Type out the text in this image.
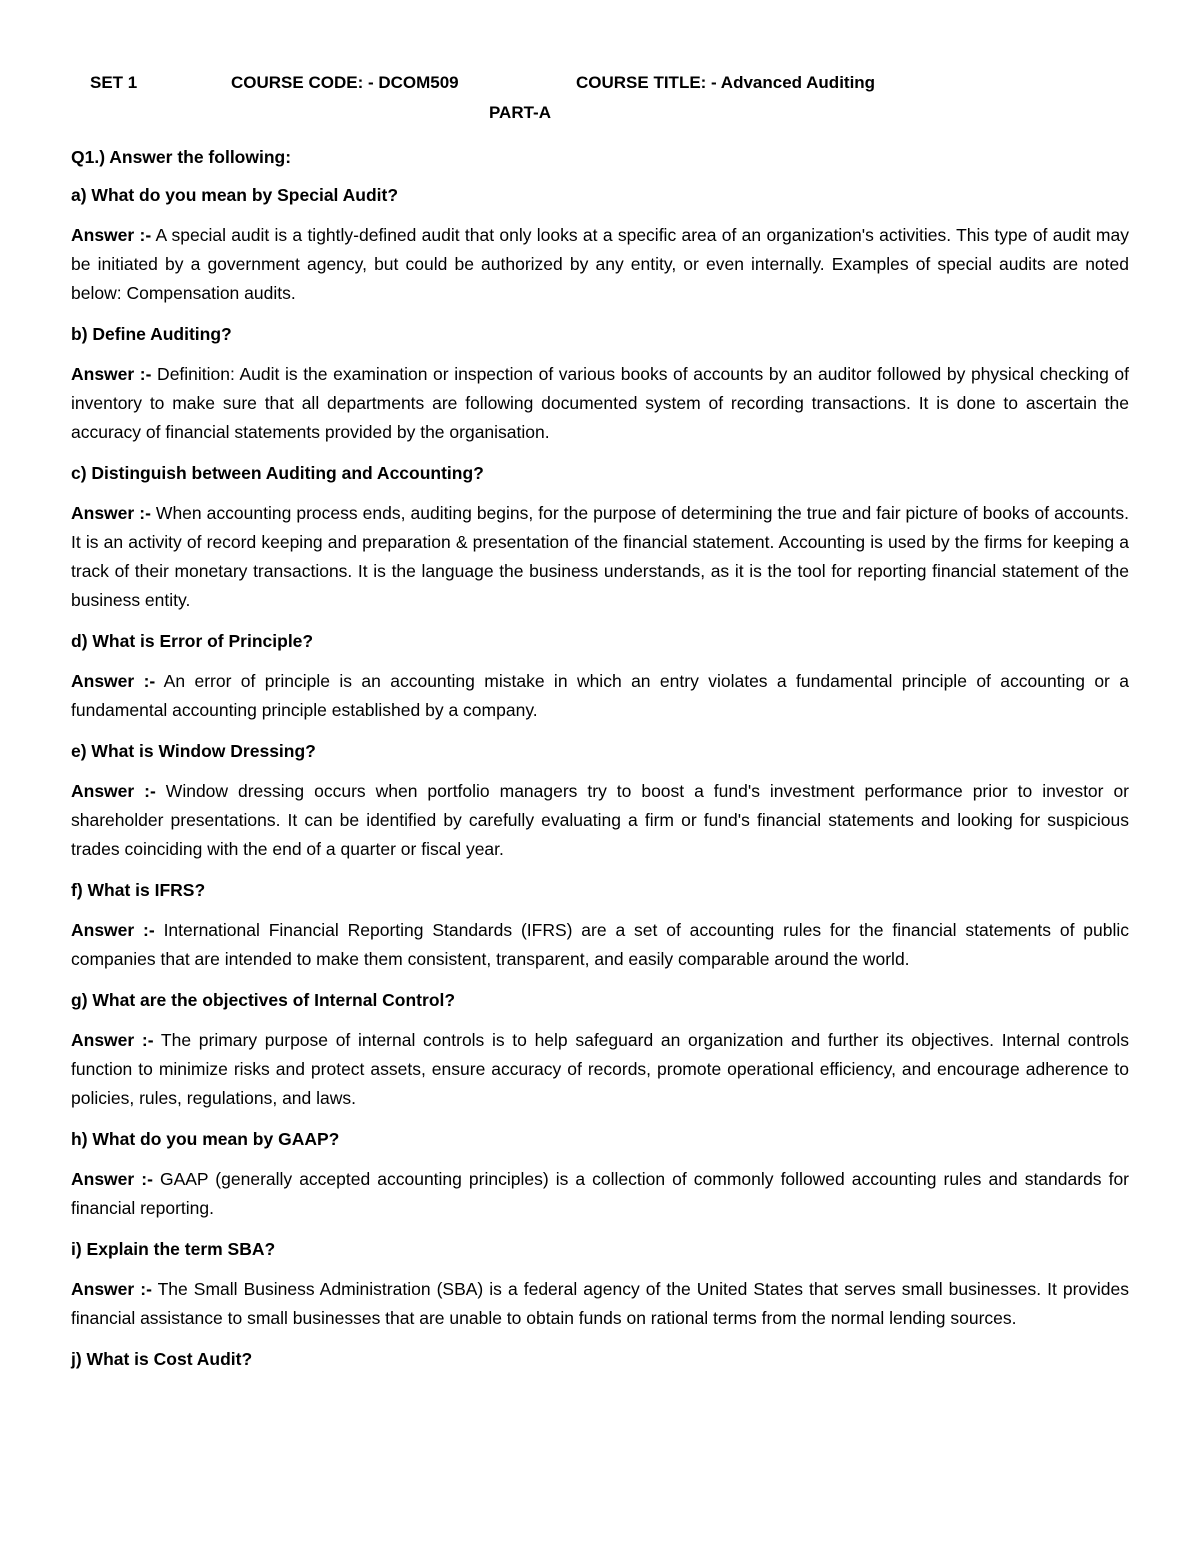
SET 1	COURSE CODE: - DCOM509	COURSE TITLE: - Advanced Auditing
PART-A

Q1.) Answer the following:

a) What do you mean by Special Audit?

Answer :- A special audit is a tightly-defined audit that only looks at a specific area of an organization's activities. This type of audit may be initiated by a government agency, but could be authorized by any entity, or even internally. Examples of special audits are noted below: Compensation audits.

b) Define Auditing?

Answer :- Definition: Audit is the examination or inspection of various books of accounts by an auditor followed by physical checking of inventory to make sure that all departments are following documented system of recording transactions. It is done to ascertain the accuracy of financial statements provided by the organisation.

c) Distinguish between Auditing and Accounting?

Answer :- When accounting process ends, auditing begins, for the purpose of determining the true and fair picture of books of accounts. It is an activity of record keeping and preparation & presentation of the financial statement. Accounting is used by the firms for keeping a track of their monetary transactions. It is the language the business understands, as it is the tool for reporting financial statement of the business entity.

d) What is Error of Principle?

Answer :- An error of principle is an accounting mistake in which an entry violates a fundamental principle of accounting or a fundamental accounting principle established by a company.

e) What is Window Dressing?

Answer :- Window dressing occurs when portfolio managers try to boost a fund's investment performance prior to investor or shareholder presentations. It can be identified by carefully evaluating a firm or fund's financial statements and looking for suspicious trades coinciding with the end of a quarter or fiscal year.

f) What is IFRS?

Answer :- International Financial Reporting Standards (IFRS) are a set of accounting rules for the financial statements of public companies that are intended to make them consistent, transparent, and easily comparable around the world.

g) What are the objectives of Internal Control?

Answer :- The primary purpose of internal controls is to help safeguard an organization and further its objectives. Internal controls function to minimize risks and protect assets, ensure accuracy of records, promote operational efficiency, and encourage adherence to policies, rules, regulations, and laws.

h) What do you mean by GAAP?

Answer :- GAAP (generally accepted accounting principles) is a collection of commonly followed accounting rules and standards for financial reporting.

i) Explain the term SBA?

Answer :- The Small Business Administration (SBA) is a federal agency of the United States that serves small businesses. It provides financial assistance to small businesses that are unable to obtain funds on rational terms from the normal lending sources.

j) What is Cost Audit?
